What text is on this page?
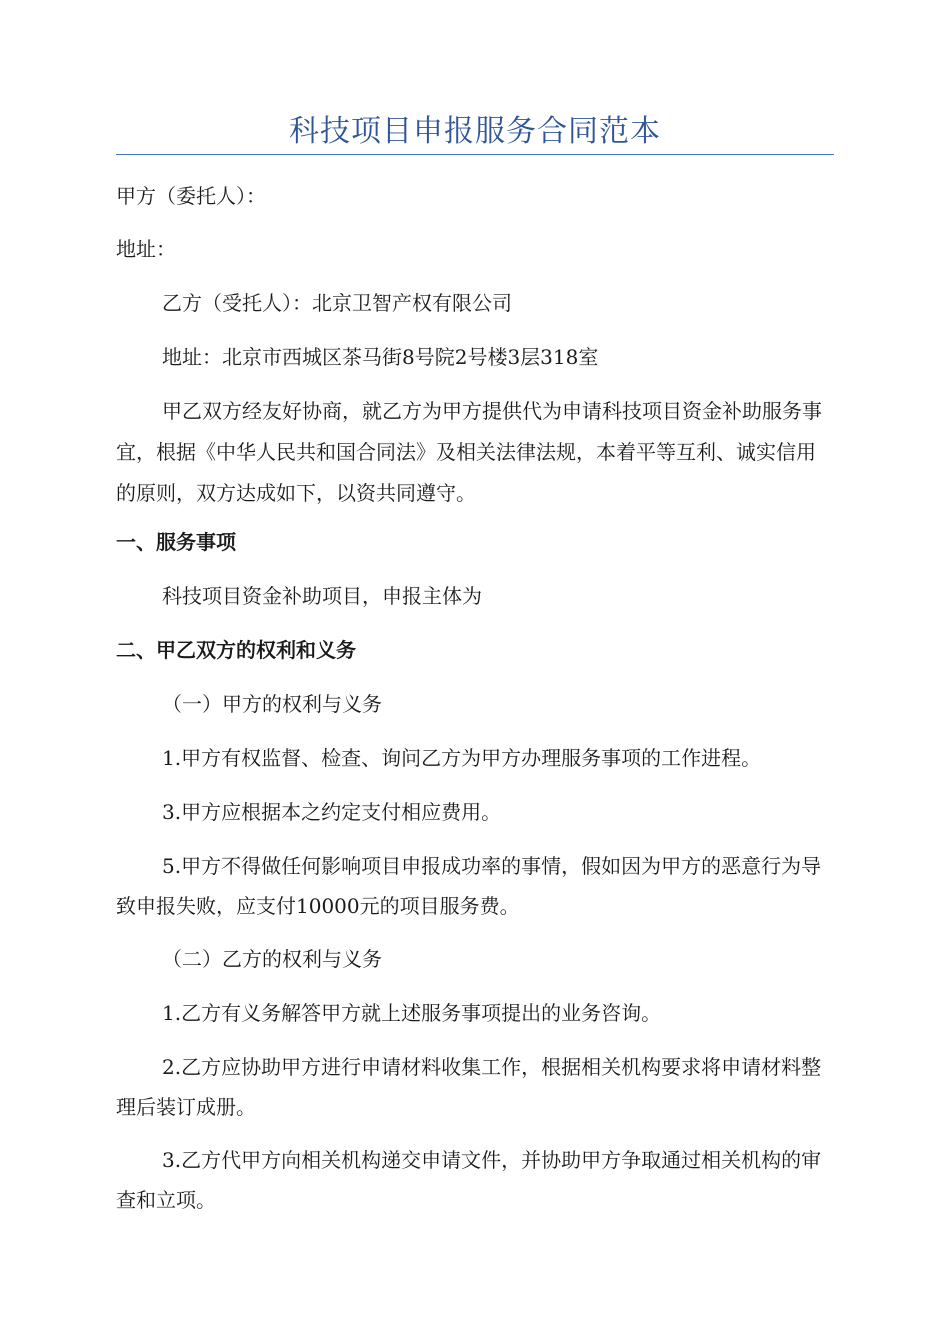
科技项目申报服务合同范本

甲方（委托人）：

地址：

乙方（受托人）：北京卫智产权有限公司

地址：北京市西城区茶马街8号院2号楼3层318室

甲乙双方经友好协商，就乙方为甲方提供代为申请科技项目资金补助服务事宜，根据《中华人民共和国合同法》及相关法律法规，本着平等互利、诚实信用的原则，双方达成如下，以资共同遵守。

一、服务事项

科技项目资金补助项目，申报主体为

二、甲乙双方的权利和义务

（一）甲方的权利与义务

1.甲方有权监督、检查、询问乙方为甲方办理服务事项的工作进程。

3.甲方应根据本之约定支付相应费用。

5.甲方不得做任何影响项目申报成功率的事情，假如因为甲方的恶意行为导致申报失败，应支付10000元的项目服务费。

（二）乙方的权利与义务

1.乙方有义务解答甲方就上述服务事项提出的业务咨询。

2.乙方应协助甲方进行申请材料收集工作，根据相关机构要求将申请材料整理后装订成册。

3.乙方代甲方向相关机构递交申请文件，并协助甲方争取通过相关机构的审查和立项。
